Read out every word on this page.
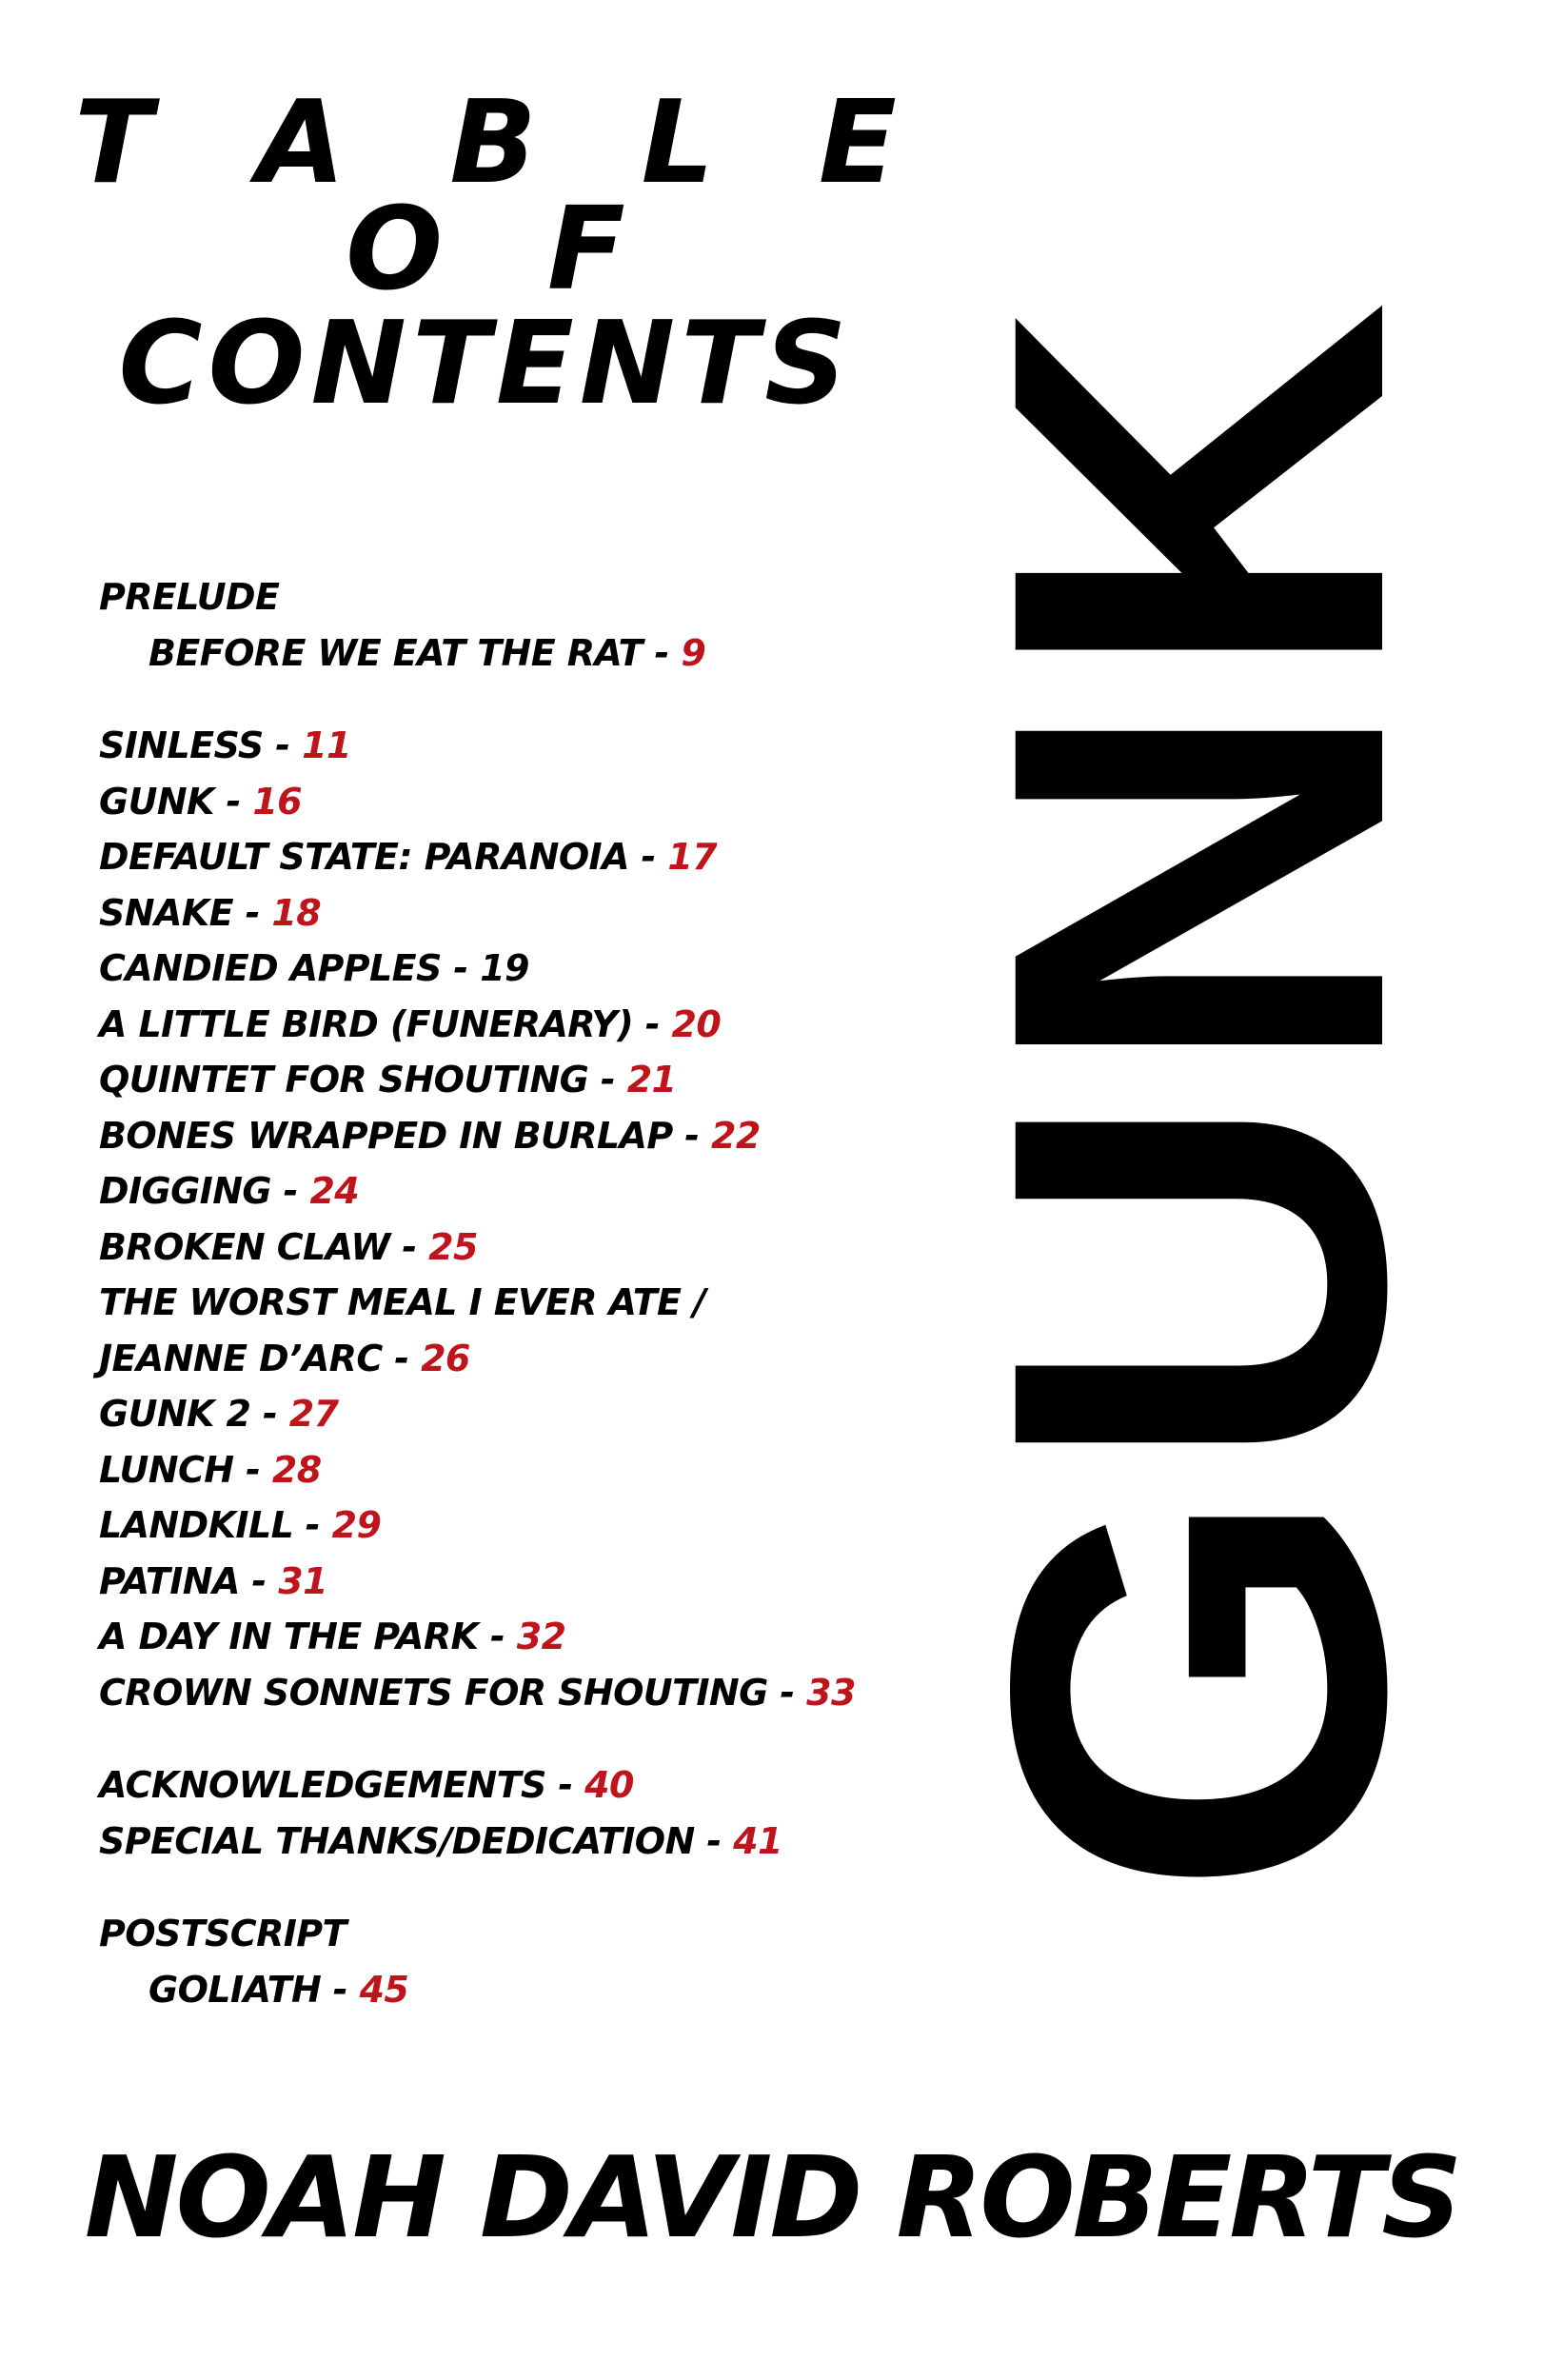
T A B L E
O F
CONTENTS
PRELUDE
BEFORE WE EAT THE RAT - 9
SINLESS - 11
GUNK - 16
DEFAULT STATE: PARANOIA - 17
SNAKE - 18
CANDIED APPLES - 19
A LITTLE BIRD (FUNERARY) - 20
QUINTET FOR SHOUTING - 21
BONES WRAPPED IN BURLAP - 22
DIGGING - 24
BROKEN CLAW - 25
THE WORST MEAL I EVER ATE /
JEANNE D’ARC - 26
GUNK 2 - 27
LUNCH - 28
LANDKILL - 29
PATINA - 31
A DAY IN THE PARK - 32
CROWN SONNETS FOR SHOUTING - 33
ACKNOWLEDGEMENTS - 40
SPECIAL THANKS/DEDICATION - 41
POSTSCRIPT
GOLIATH - 45
GUNK
NOAH DAVID ROBERTS
